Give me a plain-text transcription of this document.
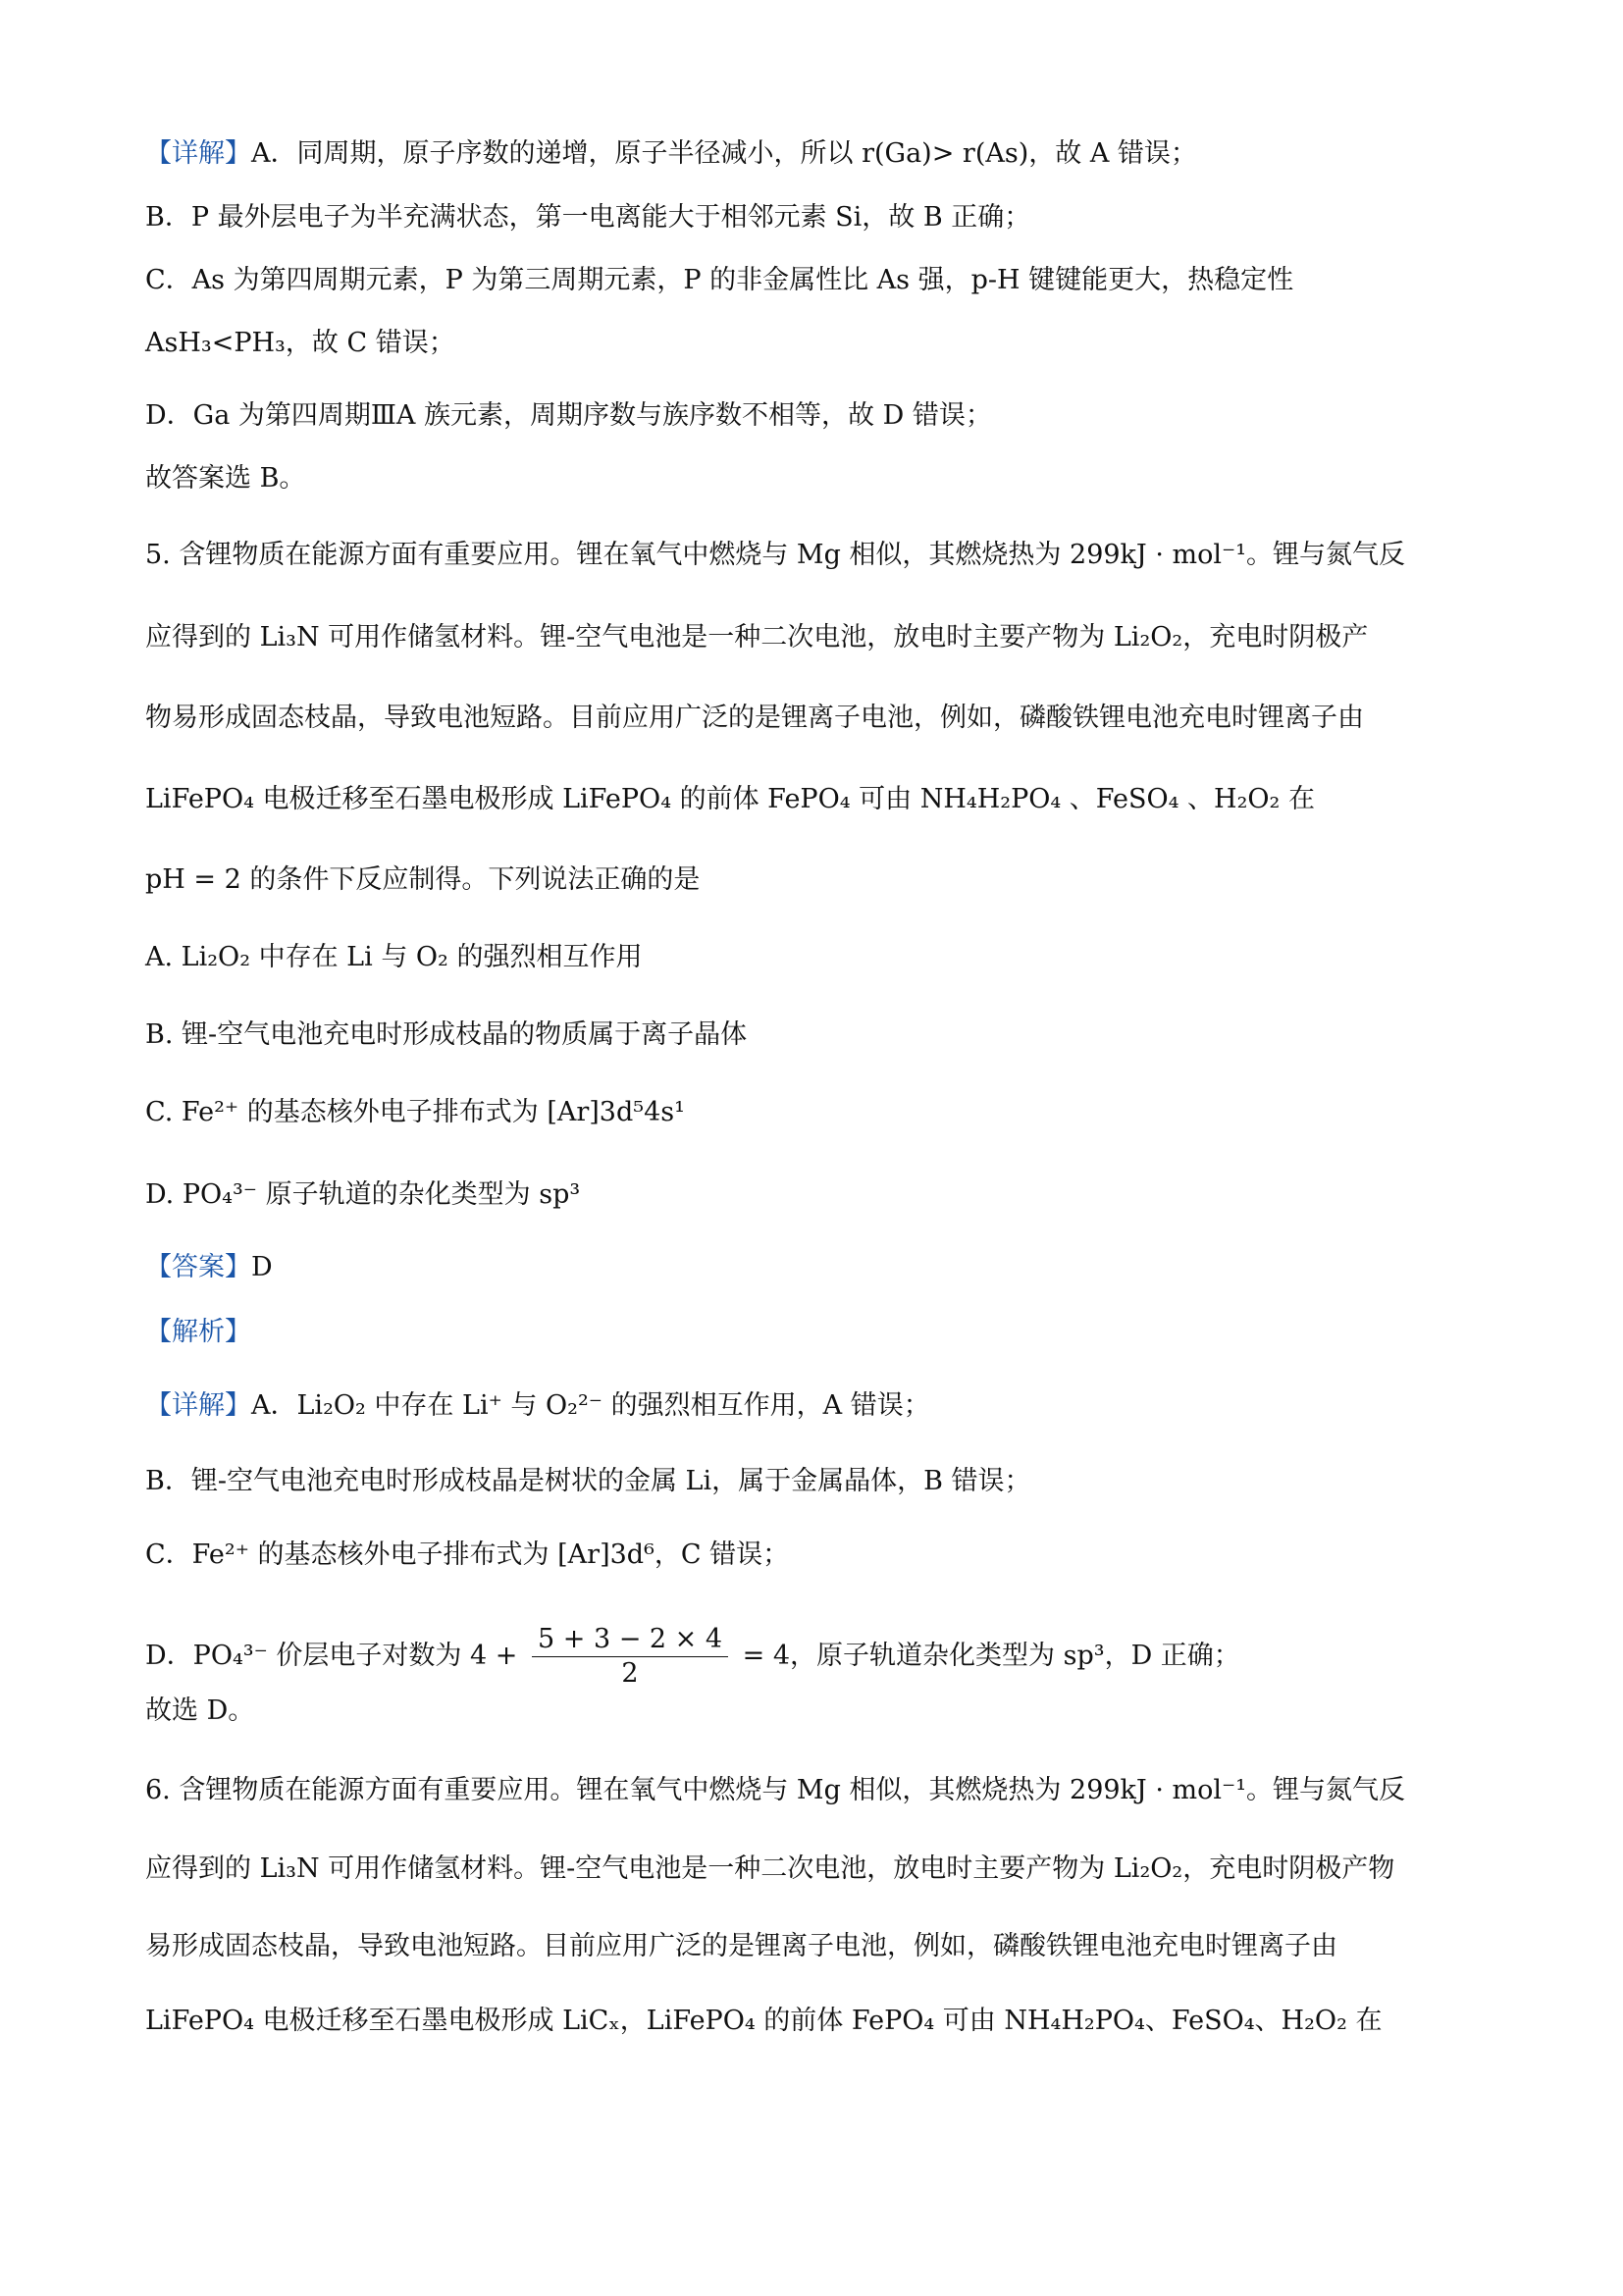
【详解】A．同周期，原子序数的递增，原子半径减小，所以 r(Ga)> r(As)，故 A 错误；
B．P 最外层电子为半充满状态，第一电离能大于相邻元素 Si，故 B 正确；
C．As 为第四周期元素，P 为第三周期元素，P 的非金属性比 As 强，p-H 键键能更大，热稳定性
AsH₃<PH₃，故 C 错误；
D．Ga 为第四周期ⅢA 族元素，周期序数与族序数不相等，故 D 错误；
故答案选 B。
5. 含锂物质在能源方面有重要应用。锂在氧气中燃烧与 Mg 相似，其燃烧热为 299kJ · mol⁻¹。锂与氮气反
应得到的 Li₃N 可用作储氢材料。锂-空气电池是一种二次电池，放电时主要产物为 Li₂O₂，充电时阴极产
物易形成固态枝晶，导致电池短路。目前应用广泛的是锂离子电池，例如，磷酸铁锂电池充电时锂离子由
LiFePO₄ 电极迁移至石墨电极形成 LiFePO₄ 的前体 FePO₄ 可由 NH₄H₂PO₄ 、FeSO₄ 、H₂O₂ 在
pH = 2 的条件下反应制得。下列说法正确的是
A. Li₂O₂ 中存在 Li 与 O₂ 的强烈相互作用
B. 锂-空气电池充电时形成枝晶的物质属于离子晶体
C. Fe²⁺ 的基态核外电子排布式为 [Ar]3d⁵4s¹
D. PO₄³⁻ 原子轨道的杂化类型为 sp³
【答案】D
【解析】
【详解】A．Li₂O₂ 中存在 Li⁺ 与 O₂²⁻ 的强烈相互作用，A 错误；
B．锂-空气电池充电时形成枝晶是树状的金属 Li，属于金属晶体，B 错误；
C．Fe²⁺ 的基态核外电子排布式为 [Ar]3d⁶，C 错误；
D．PO₄³⁻ 价层电子对数为 $4 + \frac{5 + 3 - 2 \times 4}{2} = 4$，原子轨道杂化类型为 sp³，D 正确；
故选 D。
6. 含锂物质在能源方面有重要应用。锂在氧气中燃烧与 Mg 相似，其燃烧热为 299kJ · mol⁻¹。锂与氮气反
应得到的 Li₃N 可用作储氢材料。锂-空气电池是一种二次电池，放电时主要产物为 Li₂O₂，充电时阴极产物
易形成固态枝晶，导致电池短路。目前应用广泛的是锂离子电池，例如，磷酸铁锂电池充电时锂离子由
LiFePO₄ 电极迁移至石墨电极形成 LiCₓ，LiFePO₄ 的前体 FePO₄ 可由 NH₄H₂PO₄、FeSO₄、H₂O₂ 在
